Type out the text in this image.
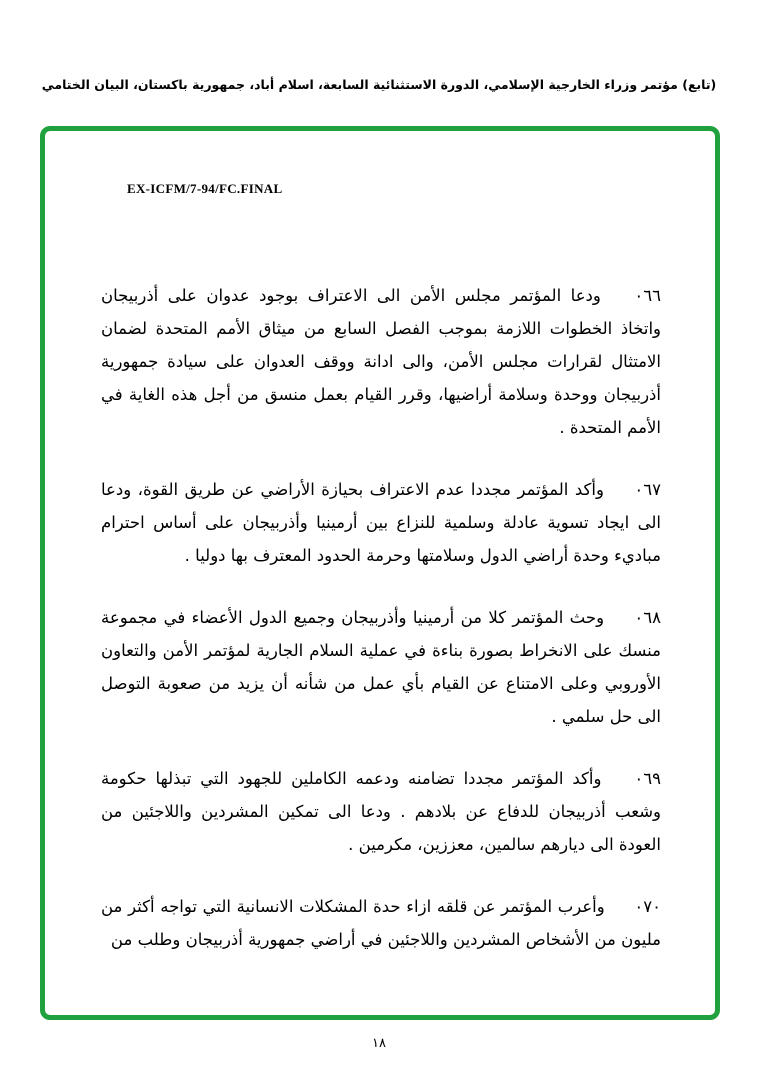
(تابع) مؤتمر وزراء الخارجية الإسلامي، الدورة الاستثنائية السابعة، اسلام أباد، جمهورية باكستان، البيان الختامي
EX-ICFM/7-94/FC.FINAL

٠٦٦ ودعا المؤتمر مجلس الأمن الى الاعتراف بوجود عدوان على أذربيجان واتخاذ الخطوات اللازمة بموجب الفصل السابع من ميثاق الأمم المتحدة لضمان الامتثال لقرارات مجلس الأمن، والى ادانة ووقف العدوان على سيادة جمهورية أذربيجان ووحدة وسلامة أراضيها، وقرر القيام بعمل منسق من أجل هذه الغاية في الأمم المتحدة .

٠٦٧ وأكد المؤتمر مجددا عدم الاعتراف بحيازة الأراضي عن طريق القوة، ودعا الى ايجاد تسوية عادلة وسلمية للنزاع بين أرمينيا وأذربيجان على أساس احترام مباديء وحدة أراضي الدول وسلامتها وحرمة الحدود المعترف بها دوليا .

٠٦٨ وحث المؤتمر كلا من أرمينيا وأذربيجان وجميع الدول الأعضاء في مجموعة منسك على الانخراط بصورة بناءة في عملية السلام الجارية لمؤتمر الأمن والتعاون الأوروبي وعلى الامتناع عن القيام بأي عمل من شأنه أن يزيد من صعوبة التوصل الى حل سلمي .

٠٦٩ وأكد المؤتمر مجددا تضامنه ودعمه الكاملين للجهود التي تبذلها حكومة وشعب أذربيجان للدفاع عن بلادهم . ودعا الى تمكين المشردين واللاجئين من العودة الى ديارهم سالمين، معززين، مكرمين .

٠٧٠ وأعرب المؤتمر عن قلقه ازاء حدة المشكلات الانسانية التي تواجه أكثر من مليون من الأشخاص المشردين واللاجئين في أراضي جمهورية أذربيجان وطلب من

١٨
